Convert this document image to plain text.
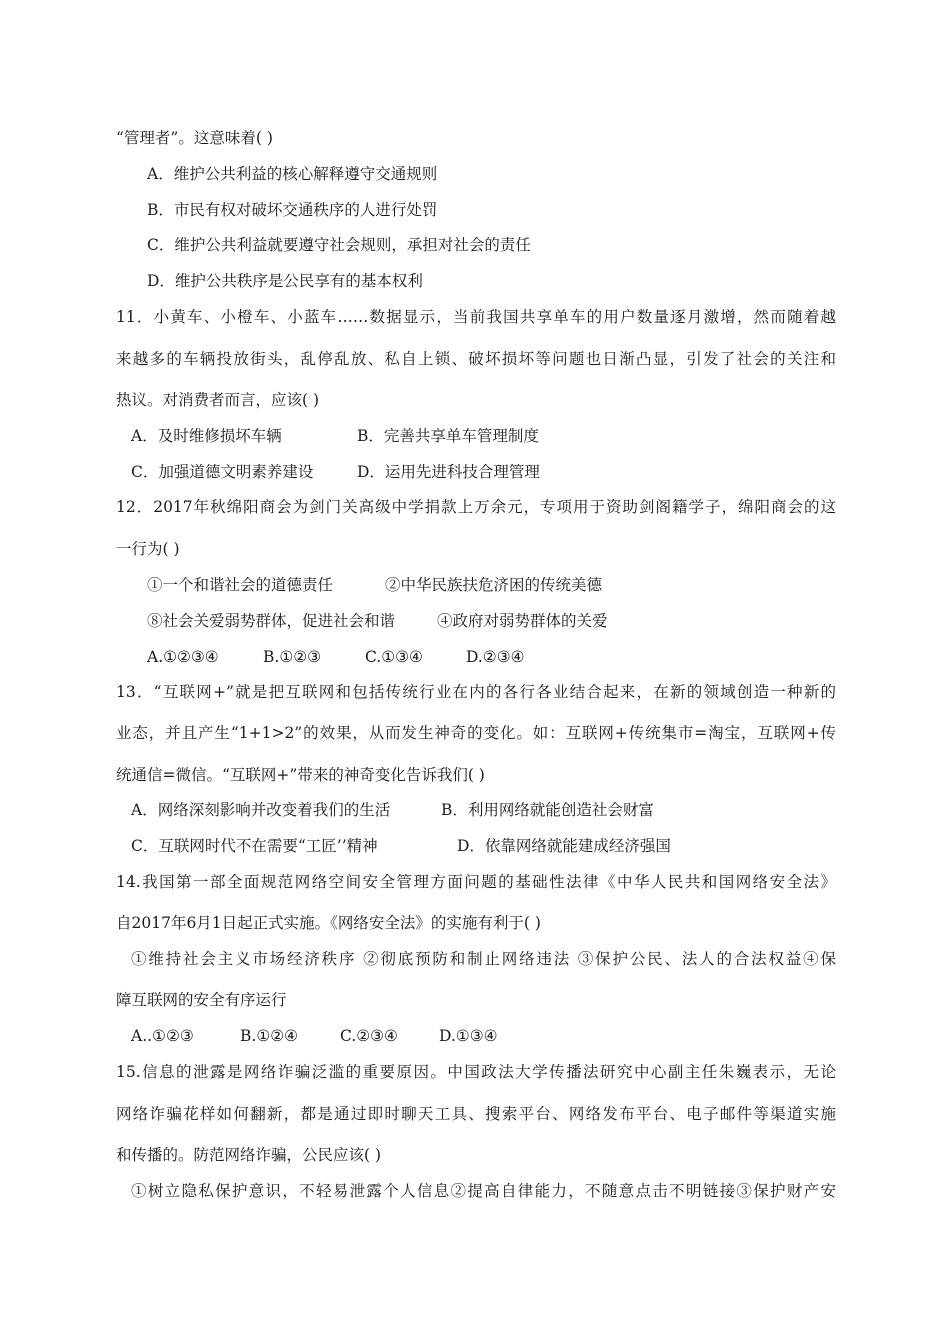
“管理者”。这意味着( )
A．维护公共利益的核心解释遵守交通规则
B．市民有权对破坏交通秩序的人进行处罚
C．维护公共利益就要遵守社会规则，承担对社会的责任
D．维护公共秩序是公民享有的基本权利
11．小黄车、小橙车、小蓝车……数据显示，当前我国共享单车的用户数量逐月激增，然而随着越
来越多的车辆投放街头，乱停乱放、私自上锁、破坏损坏等问题也日渐凸显，引发了社会的关注和
热议。对消费者而言，应该( )
A．及时维修损坏车辆	B．完善共享单车管理制度
C．加强道德文明素养建设	D．运用先进科技合理管理
12．2017年秋绵阳商会为剑门关高级中学捐款上万余元，专项用于资助剑阁籍学子，绵阳商会的这
一行为( )
①一个和谐社会的道德责任	②中华民族扶危济困的传统美德
⑧社会关爱弱势群体，促进社会和谐	④政府对弱势群体的关爱
A.①②③④	B.①②③	C.①③④	D.②③④
13．“互联网+”就是把互联网和包括传统行业在内的各行各业结合起来，在新的领域创造一种新的
业态，并且产生“1+1>2”的效果，从而发生神奇的变化。如：互联网+传统集市=淘宝，互联网+传
统通信=微信。“互联网+”带来的神奇变化告诉我们( )
A．网络深刻影响并改变着我们的生活	B．利用网络就能创造社会财富
C．互联网时代不在需要“工匠’’精神	D．依靠网络就能建成经济强国
14.我国第一部全面规范网络空间安全管理方面问题的基础性法律《中华人民共和国网络安全法》
自2017年6月1日起正式实施。《网络安全法》的实施有利于( )
①维持社会主义市场经济秩序 ②彻底预防和制止网络违法 ③保护公民、法人的合法权益④保
障互联网的安全有序运行
A..①②③	B.①②④	C.②③④	D.①③④
15.信息的泄露是网络诈骗泛滥的重要原因。中国政法大学传播法研究中心副主任朱巍表示，无论
网络诈骗花样如何翻新，都是通过即时聊天工具、搜索平台、网络发布平台、电子邮件等渠道实施
和传播的。防范网络诈骗，公民应该( )
①树立隐私保护意识，不轻易泄露个人信息②提高自律能力，不随意点击不明链接③保护财产安
